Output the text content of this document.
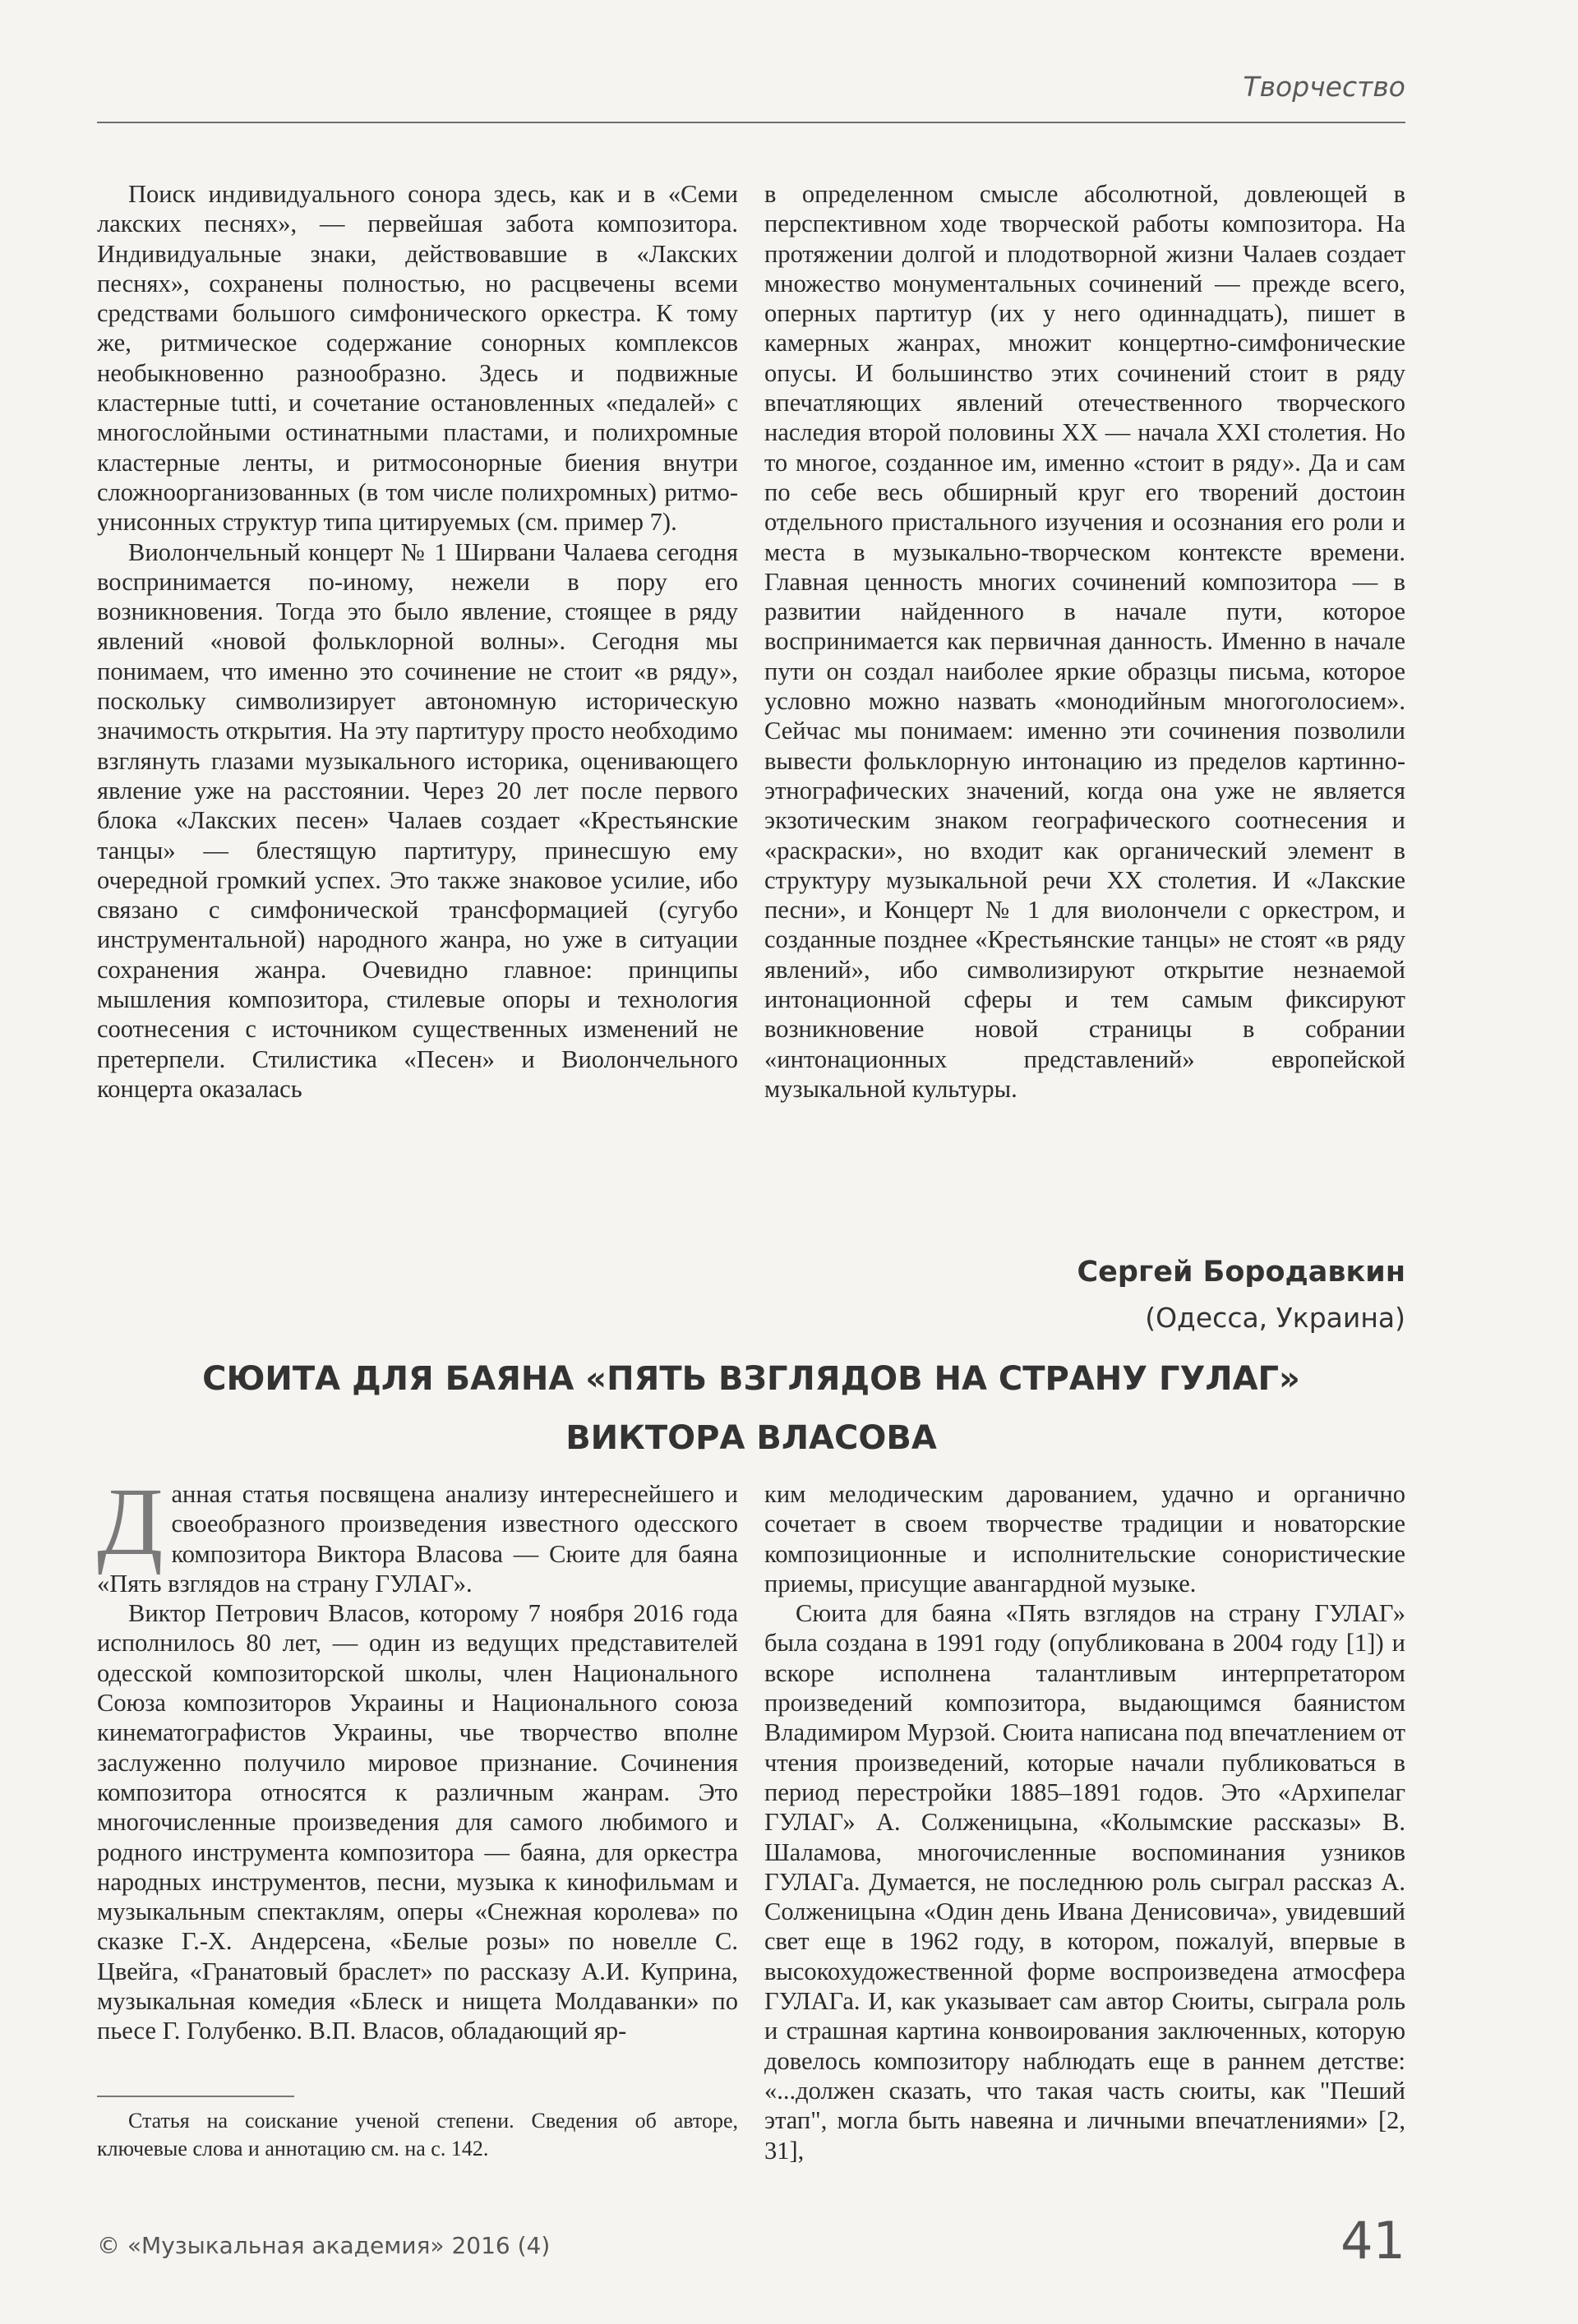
Творчество

Поиск индивидуального сонора здесь, как и в «Семи лакских песнях», — первейшая забота композитора. Индивидуальные знаки, действовавшие в «Лакских песнях», сохранены полностью, но расцвечены всеми средствами большого симфонического оркестра. К тому же, ритмическое содержание сонорных комплексов необыкновенно разнообразно. Здесь и подвижные кластерные tutti, и сочетание остановленных «педалей» с многослойными остинатными пластами, и полихромные кластерные ленты, и ритмосонорные биения внутри сложноорганизованных (в том числе полихромных) ритмо-унисонных структур типа цитируемых (см. пример 7).

Виолончельный концерт № 1 Ширвани Чалаева сегодня воспринимается по-иному, нежели в пору его возникновения. Тогда это было явление, стоящее в ряду явлений «новой фольклорной волны». Сегодня мы понимаем, что именно это сочинение не стоит «в ряду», поскольку символизирует автономную историческую значимость открытия. На эту партитуру просто необходимо взглянуть глазами музыкального историка, оценивающего явление уже на расстоянии. Через 20 лет после первого блока «Лакских песен» Чалаев создает «Крестьянские танцы» — блестящую партитуру, принесшую ему очередной громкий успех. Это также знаковое усилие, ибо связано с симфонической трансформацией (сугубо инструментальной) народного жанра, но уже в ситуации сохранения жанра. Очевидно главное: принципы мышления композитора, стилевые опоры и технология соотнесения с источником существенных изменений не претерпели. Стилистика «Песен» и Виолончельного концерта оказалась

в определенном смысле абсолютной, довлеющей в перспективном ходе творческой работы композитора. На протяжении долгой и плодотворной жизни Чалаев создает множество монументальных сочинений — прежде всего, оперных партитур (их у него одиннадцать), пишет в камерных жанрах, множит концертно-симфонические опусы. И большинство этих сочинений стоит в ряду впечатляющих явлений отечественного творческого наследия второй половины XX — начала XXI столетия. Но то многое, созданное им, именно «стоит в ряду». Да и сам по себе весь обширный круг его творений достоин отдельного пристального изучения и осознания его роли и места в музыкально-творческом контексте времени. Главная ценность многих сочинений композитора — в развитии найденного в начале пути, которое воспринимается как первичная данность. Именно в начале пути он создал наиболее яркие образцы письма, которое условно можно назвать «монодийным многоголосием». Сейчас мы понимаем: именно эти сочинения позволили вывести фольклорную интонацию из пределов картинно-этнографических значений, когда она уже не является экзотическим знаком географического соотнесения и «раскраски», но входит как органический элемент в структуру музыкальной речи XX столетия. И «Лакские песни», и Концерт № 1 для виолончели с оркестром, и созданные позднее «Крестьянские танцы» не стоят «в ряду явлений», ибо символизируют открытие незнаемой интонационной сферы и тем самым фиксируют возникновение новой страницы в собрании «интонационных представлений» европейской музыкальной культуры.

Сергей Бородавкин
(Одесса, Украина)
СЮИТА ДЛЯ БАЯНА «ПЯТЬ ВЗГЛЯДОВ НА СТРАНУ ГУЛАГ»
ВИКТОРА ВЛАСОВА

Данная статья посвящена анализу интереснейшего и своеобразного произведения известного одесского композитора Виктора Власова — Сюите для баяна «Пять взглядов на страну ГУЛАГ».

Виктор Петрович Власов, которому 7 ноября 2016 года исполнилось 80 лет, — один из ведущих представителей одесской композиторской школы, член Национального Союза композиторов Украины и Национального союза кинематографистов Украины, чье творчество вполне заслуженно получило мировое признание. Сочинения композитора относятся к различным жанрам. Это многочисленные произведения для самого любимого и родного инструмента композитора — баяна, для оркестра народных инструментов, песни, музыка к кинофильмам и музыкальным спектаклям, оперы «Снежная королева» по сказке Г.-Х. Андерсена, «Белые розы» по новелле С. Цвейга, «Гранатовый браслет» по рассказу А.И. Куприна, музыкальная комедия «Блеск и нищета Молдаванки» по пьесе Г. Голубенко. В.П. Власов, обладающий яр-

ким мелодическим дарованием, удачно и органично сочетает в своем творчестве традиции и новаторские композиционные и исполнительские сонористические приемы, присущие авангардной музыке.

Сюита для баяна «Пять взглядов на страну ГУЛАГ» была создана в 1991 году (опубликована в 2004 году [1]) и вскоре исполнена талантливым интерпретатором произведений композитора, выдающимся баянистом Владимиром Мурзой. Сюита написана под впечатлением от чтения произведений, которые начали публиковаться в период перестройки 1885–1891 годов. Это «Архипелаг ГУЛАГ» А. Солженицына, «Колымские рассказы» В. Шаламова, многочисленные воспоминания узников ГУЛАГа. Думается, не последнюю роль сыграл рассказ А. Солженицына «Один день Ивана Денисовича», увидевший свет еще в 1962 году, в котором, пожалуй, впервые в высокохудожественной форме воспроизведена атмосфера ГУЛАГа. И, как указывает сам автор Сюиты, сыграла роль и страшная картина конвоирования заключенных, которую довелось композитору наблюдать еще в раннем детстве: «...должен сказать, что такая часть сюиты, как "Пеший этап", могла быть навеяна и личными впечатлениями» [2, 31],

Статья на соискание ученой степени. Сведения об авторе, ключевые слова и аннотацию см. на с. 142.
© «Музыкальная академия» 2016 (4)	41
